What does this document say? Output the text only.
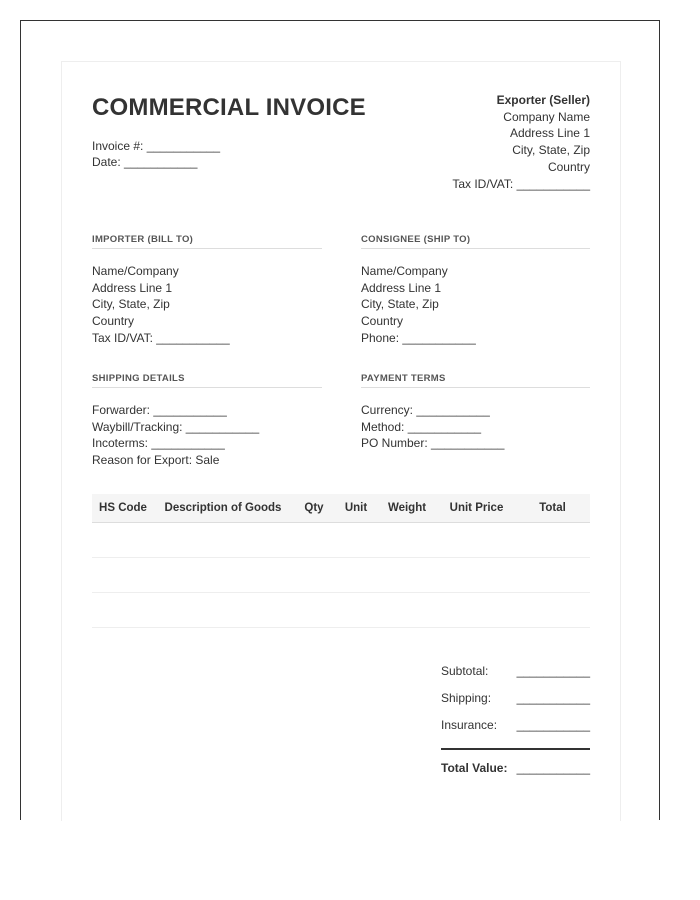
COMMERCIAL INVOICE
Invoice #: ___________
Date: ___________
Exporter (Seller)
Company Name
Address Line 1
City, State, Zip
Country
Tax ID/VAT: ___________
IMPORTER (BILL TO)
Name/Company
Address Line 1
City, State, Zip
Country
Tax ID/VAT: ___________
CONSIGNEE (SHIP TO)
Name/Company
Address Line 1
City, State, Zip
Country
Phone: ___________
SHIPPING DETAILS
Forwarder: ___________
Waybill/Tracking: ___________
Incoterms: ___________
Reason for Export: Sale
PAYMENT TERMS
Currency: ___________
Method: ___________
PO Number: ___________
HS Code	Description of Goods	Qty	Unit	Weight	Unit Price	Total

Subtotal: ___________
Shipping: ___________
Insurance: ___________
Total Value: ___________
